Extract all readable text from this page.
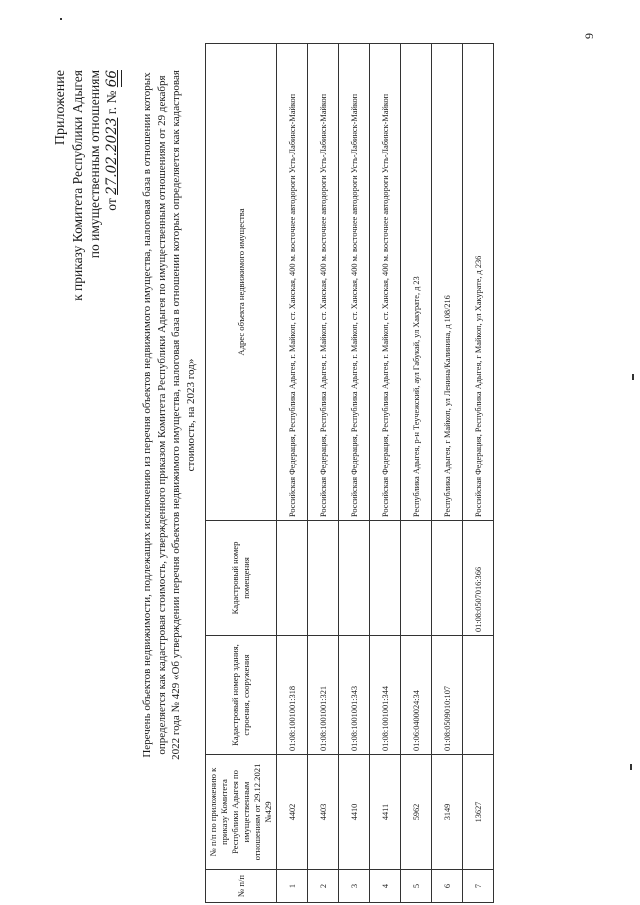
Приложение к приказу Комитета Республики Адыгея по имущественным отношениям от 27.02.2023 г. № 66 Перечень объектов недвижимости, подлежащих исключению из перечня объектов недвижимого имущества, налоговая база в отношении которых определяется как кадастровая стоимость, утвержденного приказом Комитета Республики Адыгея по имущественным отношениям от 29 декабря 2022 года № 429 «Об утверждении перечня объектов недвижимого имущества, налоговая база в отношении которых определяется как кадастровая стоимость, на 2023 год»
№ п/п	№ п/п по приложению к приказу Комитета Республики Адыгея по имущественным отношениям от 29.12.2021 №429	Кадастровый номер здания, строения, сооружения	Кадастровый номер помещения	Адрес объекта недвижимого имущества
1	4402	01:08:1001001:318		Российская Федерация, Республика Адыгея, г. Майкоп, ст. Ханская, 400 м. восточнее автодороги Усть-Лабинск-Майкоп
2	4403	01:08:1001001:321		Российская Федерация, Республика Адыгея, г. Майкоп, ст. Ханская, 400 м. восточнее автодороги Усть-Лабинск-Майкоп
3	4410	01:08:1001001:343		Российская Федерация, Республика Адыгея, г. Майкоп, ст. Ханская, 400 м. восточнее автодороги Усть-Лабинск-Майкоп
4	4411	01:08:1001001:344		Российская Федерация, Республика Адыгея, г. Майкоп, ст. Ханская, 400 м. восточнее автодороги Усть-Лабинск-Майкоп
5	5962	01:06:0400024:34		Республика Адыгея, р-н Теучежский, аул Габукай, ул Хакурате, д 23
6	3149	01:08:0509010:107		Республика Адыгея, г Майкоп, ул Ленина/Калинина, д 108/216
7	13627		01:08:0507016:366	Российская Федерация, Республика Адыгея, г Майкоп, ул Хакурате, д 236
9
